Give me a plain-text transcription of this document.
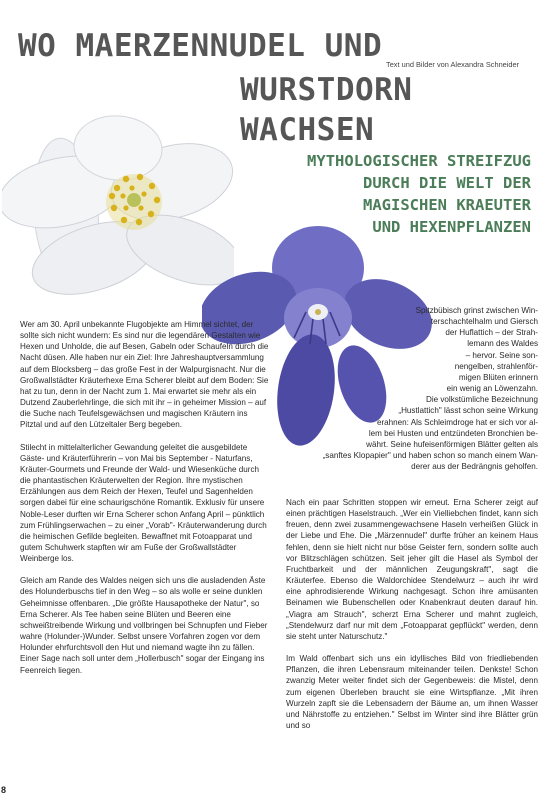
WO MAERZENNUDEL UND
WURSTDORN WACHSEN
Text und Bilder von Alexandra Schneider
MYTHOLOGISCHER STREIFZUG
DURCH DIE WELT DER
MAGISCHEN KRAEUTER
UND HEXENPFLANZEN

Wer am 30. April unbekannte Flugobjekte am Himmel sichtet, der sollte sich nicht wundern: Es sind nur die legendären Gestalten wie Hexen und Unholde, die auf Besen, Gabeln oder Schaufeln durch die Nacht düsen. Alle haben nur ein Ziel: Ihre Jahreshauptversammlung auf dem Blocksberg – das große Fest in der Walpurgisnacht. Nur die Großwallstädter Kräuterhexe Erna Scherer bleibt auf dem Boden: Sie hat zu tun, denn in der Nacht zum 1. Mai erwartet sie mehr als ein Dutzend Zauberlehrlinge, die sich mit ihr – in geheimer Mission – auf die Suche nach Teufelsgewächsen und magischen Kräutern ins Pitztal und auf den Lützeltaler Berg begeben.

Stilecht in mittelalterlicher Gewandung geleitet die ausgebildete Gäste- und Kräuterführerin – von Mai bis September - Naturfans, Kräuter-Gourmets und Freunde der Wald- und Wiesenküche durch die phantastischen Kräuterwelten der Region. Ihre mystischen Erzählungen aus dem Reich der Hexen, Teufel und Sagenhelden sorgen dabei für eine schaurigschöne Romantik. Exklusiv für unsere Noble-Leser durften wir Erna Scherer schon Anfang April – pünktlich zum Frühlingserwachen – zu einer „Vorab"- Kräuterwanderung durch die heimischen Gefilde begleiten. Bewaffnet mit Fotoapparat und gutem Schuhwerk stapften wir am Fuße der Großwallstädter Weinberge los.

Gleich am Rande des Waldes neigen sich uns die ausladenden Äste des Holunderbuschs tief in den Weg – so als wolle er seine dunklen Geheimnisse offenbaren. „Die größte Hausapotheke der Natur", so Erna Scherer. Als Tee haben seine Blüten und Beeren eine schweißtreibende Wirkung und vollbringen bei Schnupfen und Fieber wahre (Holunder-)Wunder. Selbst unsere Vorfahren zogen vor dem Holunder ehrfurchtsvoll den Hut und niemand wagte ihn zu fällen. Einer Sage nach soll unter dem „Hollerbusch" sogar der Eingang ins Feenreich liegen.

Spitzbübisch grinst zwischen Win-
terschachtelhalm und Giersch
der Huflattich – der Strah-
lemann des Waldes
– hervor. Seine son-
nengelben, strahlenför-
migen Blüten erinnern
ein wenig an Löwenzahn.
Die volkstümliche Bezeichnung
„Hustlattich" lässt schon seine Wirkung
erahnen: Als Schleimdroge hat er sich vor al-
lem bei Husten und entzündeten Bronchien be-
währt. Seine hufeisenförmigen Blätter gelten als
„sanftes Klopapier" und haben schon so manch einem Wan-
derer aus der Bedrängnis geholfen.

Nach ein paar Schritten stoppen wir erneut. Erna Scherer zeigt auf einen prächtigen Haselstrauch. „Wer ein Vielliebchen findet, kann sich freuen, denn zwei zusammengewachsene Haseln verheißen Glück in der Liebe und Ehe. Die „Märzennudel" durfte früher an keinem Haus fehlen, denn sie hielt nicht nur böse Geister fern, sondern sollte auch vor Blitzschlägen schützen. Seit jeher gilt die Hasel als Symbol der Fruchtbarkeit und der männlichen Zeugungskraft", sagt die Kräuterfee. Ebenso die Waldorchidee Stendelwurz – auch ihr wird eine aphrodisierende Wirkung nachgesagt. Schon ihre amüsanten Beinamen wie Bubenschellen oder Knabenkraut deuten darauf hin. „Viagra am Strauch", scherzt Erna Scherer und mahnt zugleich, „Stendelwurz darf nur mit dem „Fotoapparat gepflückt" werden, denn sie steht unter Naturschutz."

Im Wald offenbart sich uns ein idyllisches Bild von friedliebenden Pflanzen, die ihren Lebensraum miteinander teilen. Denkste! Schon zwanzig Meter weiter findet sich der Gegenbeweis: die Mistel, denn zum eigenen Überleben braucht sie eine Wirtspflanze. „Mit ihren Wurzeln zapft sie die Lebensadern der Bäume an, um ihnen Wasser und Nährstoffe zu entziehen." Selbst im Winter sind ihre Blätter grün und so

8
